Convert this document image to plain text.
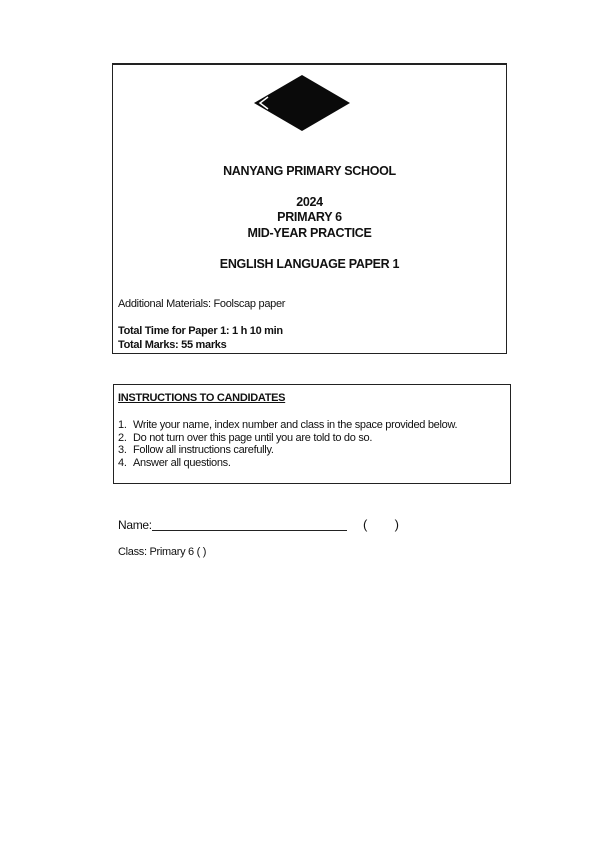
NANYANG PRIMARY SCHOOL
2024
PRIMARY 6
MID-YEAR PRACTICE
ENGLISH LANGUAGE PAPER 1
Additional Materials: Foolscap paper
Total Time for Paper 1: 1 h 10 min
Total Marks: 55 marks
INSTRUCTIONS TO CANDIDATES
1. Write your name, index number and class in the space provided below.
2. Do not turn over this page until you are told to do so.
3. Follow all instructions carefully.
4. Answer all questions.
Name:	( )
Class: Primary 6 ( )
